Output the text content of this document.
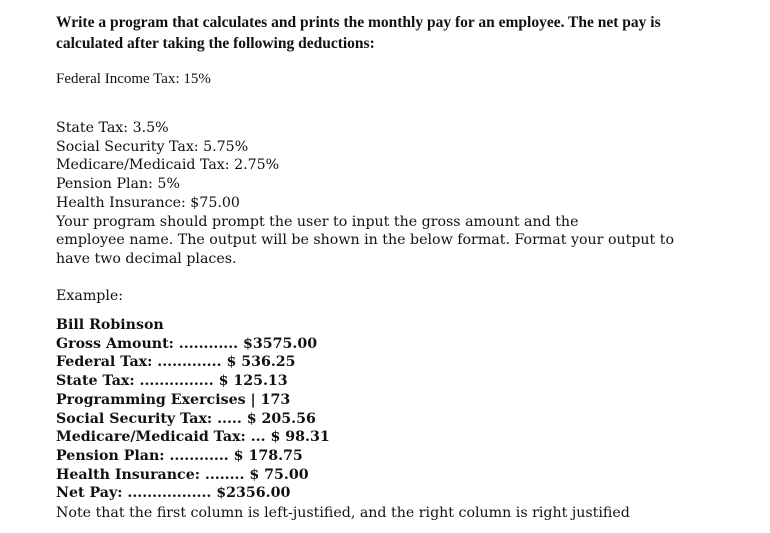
Write a program that calculates and prints the monthly pay for an employee. The net pay is
calculated after taking the following deductions:

Federal Income Tax: 15%

State Tax: 3.5%
Social Security Tax: 5.75%
Medicare/Medicaid Tax: 2.75%
Pension Plan: 5%
Health Insurance: $75.00
Your program should prompt the user to input the gross amount and the
employee name. The output will be shown in the below format. Format your output to
have two decimal places.

Example:

Bill Robinson
Gross Amount: ............ $3575.00
Federal Tax: ............. $ 536.25
State Tax: ............... $ 125.13
Programming Exercises | 173
Social Security Tax: ..... $ 205.56
Medicare/Medicaid Tax: ... $ 98.31
Pension Plan: ............ $ 178.75
Health Insurance: ........ $ 75.00
Net Pay: ................. $2356.00

Note that the first column is left-justified, and the right column is right justified
